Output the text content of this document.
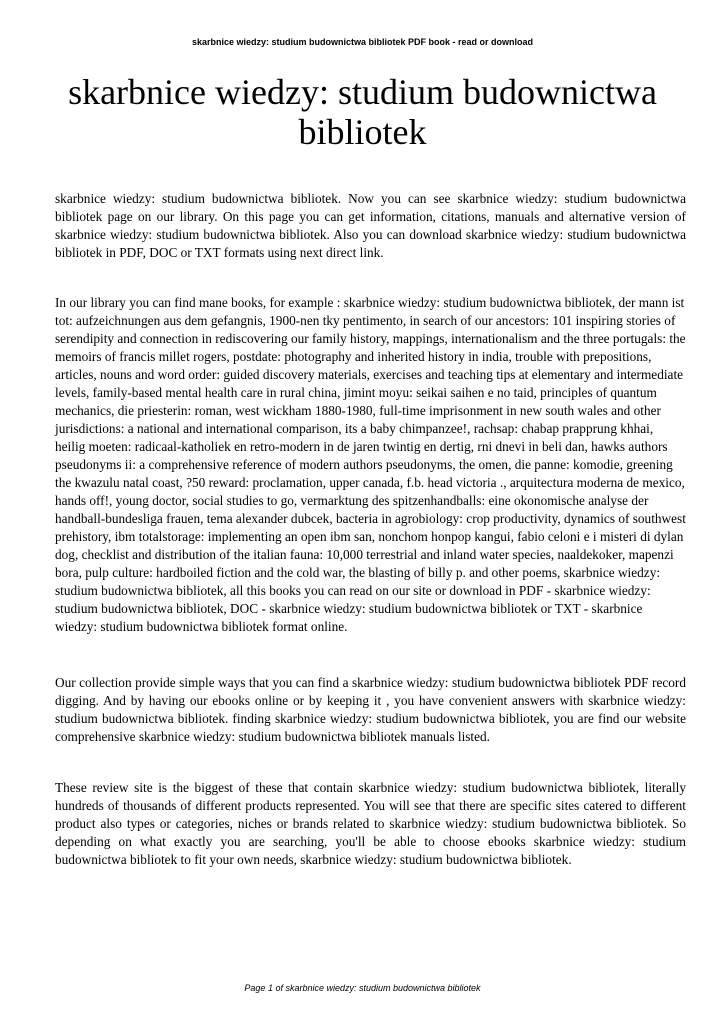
skarbnice wiedzy: studium budownictwa bibliotek PDF book - read or download
skarbnice wiedzy: studium budownictwa bibliotek

skarbnice wiedzy: studium budownictwa bibliotek. Now you can see skarbnice wiedzy: studium budownictwa bibliotek page on our library. On this page you can get information, citations, manuals and alternative version of skarbnice wiedzy: studium budownictwa bibliotek. Also you can download skarbnice wiedzy: studium budownictwa bibliotek in PDF, DOC or TXT formats using next direct link.

In our library you can find mane books, for example : skarbnice wiedzy: studium budownictwa bibliotek, der mann ist tot: aufzeichnungen aus dem gefangnis, 1900-nen tky pentimento, in search of our ancestors: 101 inspiring stories of serendipity and connection in rediscovering our family history, mappings, internationalism and the three portugals: the memoirs of francis millet rogers, postdate: photography and inherited history in india, trouble with prepositions, articles, nouns and word order: guided discovery materials, exercises and teaching tips at elementary and intermediate levels, family-based mental health care in rural china, jimint moyu: seikai saihen e no taid, principles of quantum mechanics, die priesterin: roman, west wickham 1880-1980, full-time imprisonment in new south wales and other jurisdictions: a national and international comparison, its a baby chimpanzee!, rachsap: chabap prapprung khhai, heilig moeten: radicaal-katholiek en retro-modern in de jaren twintig en dertig, rni dnevi in beli dan, hawks authors pseudonyms ii: a comprehensive reference of modern authors pseudonyms, the omen, die panne: komodie, greening the kwazulu natal coast, ?50 reward: proclamation, upper canada, f.b. head victoria ., arquitectura moderna de mexico, hands off!, young doctor, social studies to go, vermarktung des spitzenhandballs: eine okonomische analyse der handball-bundesliga frauen, tema alexander dubcek, bacteria in agrobiology: crop productivity, dynamics of southwest prehistory, ibm totalstorage: implementing an open ibm san, nonchom honpop kangui, fabio celoni e i misteri di dylan dog, checklist and distribution of the italian fauna: 10,000 terrestrial and inland water species, naaldekoker, mapenzi bora, pulp culture: hardboiled fiction and the cold war, the blasting of billy p. and other poems, skarbnice wiedzy: studium budownictwa bibliotek, all this books you can read on our site or download in PDF - skarbnice wiedzy: studium budownictwa bibliotek, DOC - skarbnice wiedzy: studium budownictwa bibliotek or TXT - skarbnice wiedzy: studium budownictwa bibliotek format online.

Our collection provide simple ways that you can find a skarbnice wiedzy: studium budownictwa bibliotek PDF record digging. And by having our ebooks online or by keeping it , you have convenient answers with skarbnice wiedzy: studium budownictwa bibliotek. finding skarbnice wiedzy: studium budownictwa bibliotek, you are find our website comprehensive skarbnice wiedzy: studium budownictwa bibliotek manuals listed.

These review site is the biggest of these that contain skarbnice wiedzy: studium budownictwa bibliotek, literally hundreds of thousands of different products represented. You will see that there are specific sites catered to different product also types or categories, niches or brands related to skarbnice wiedzy: studium budownictwa bibliotek. So depending on what exactly you are searching, you'll be able to choose ebooks skarbnice wiedzy: studium budownictwa bibliotek to fit your own needs, skarbnice wiedzy: studium budownictwa bibliotek.

Page 1 of skarbnice wiedzy: studium budownictwa bibliotek
